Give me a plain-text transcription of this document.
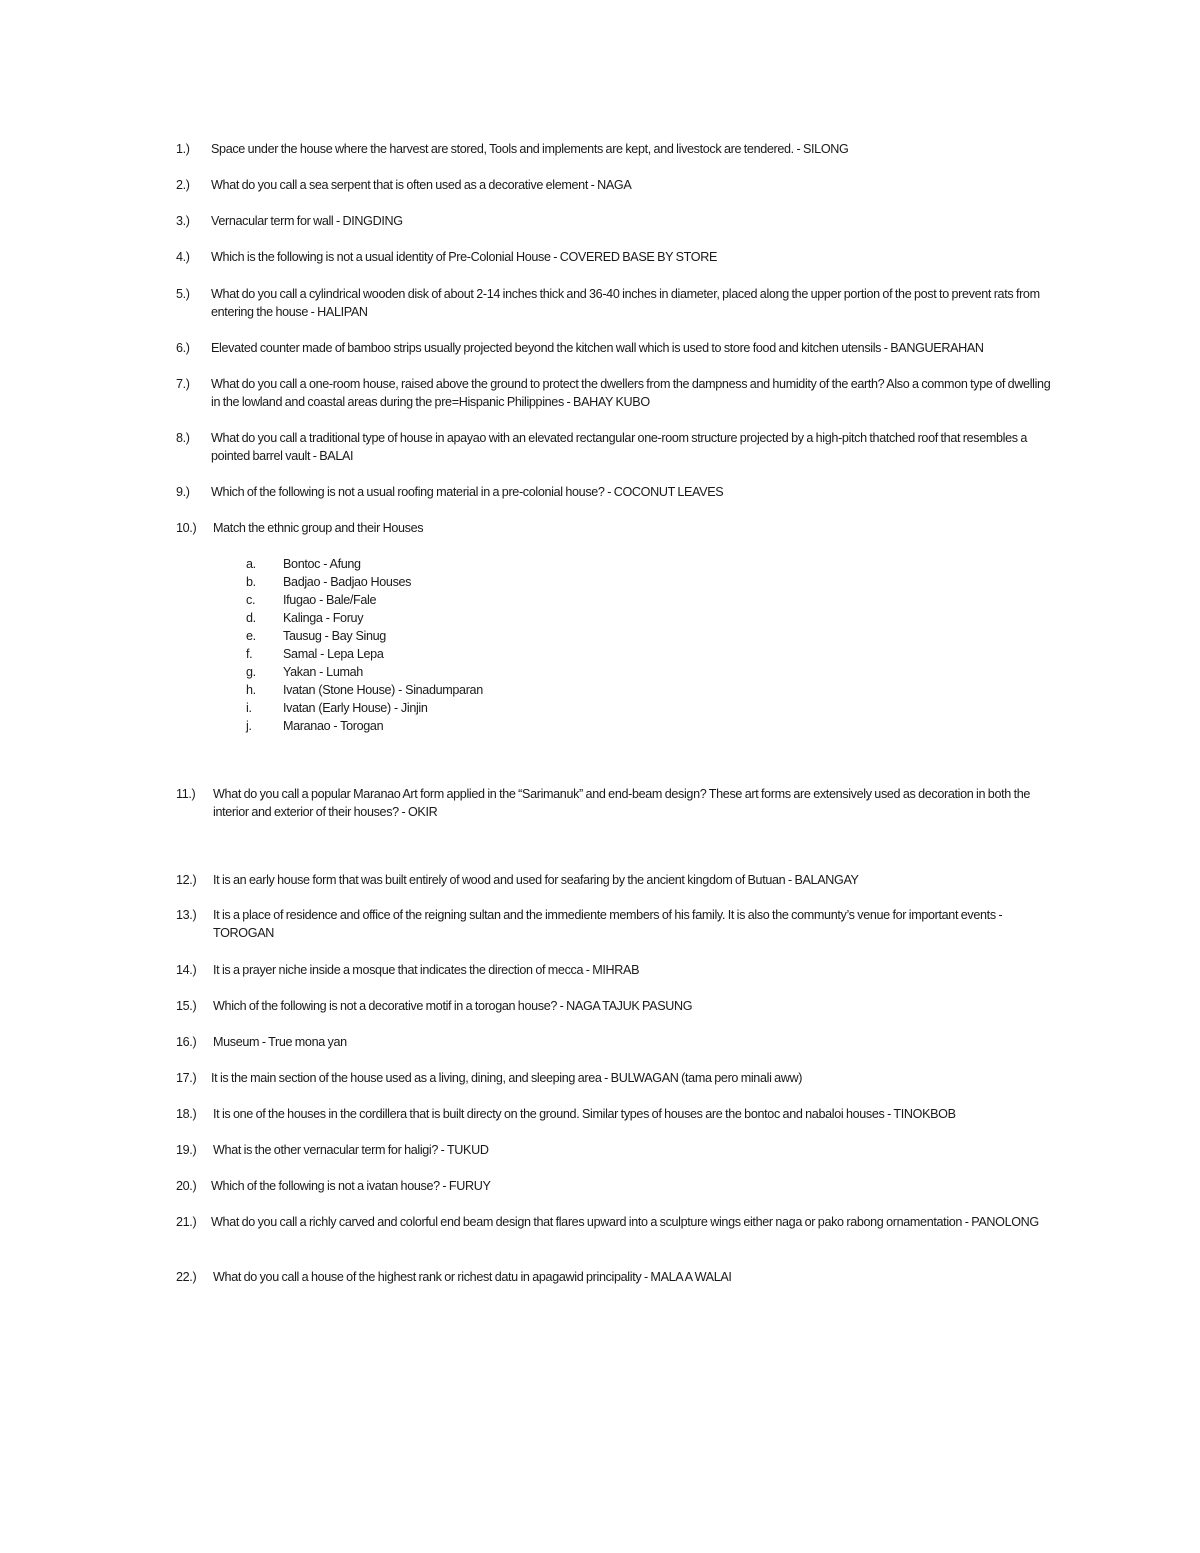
1.) Space under the house where the harvest are stored, Tools and implements are kept, and livestock are tendered. - SILONG
2.) What do you call a sea serpent that is often used as a decorative element - NAGA
3.) Vernacular term for wall - DINGDING
4.) Which is the following is not a usual identity of Pre-Colonial House - COVERED BASE BY STORE
5.) What do you call a cylindrical wooden disk of about 2-14 inches thick and 36-40 inches in diameter, placed along the upper portion of the post to prevent rats from entering the house - HALIPAN
6.) Elevated counter made of bamboo strips usually projected beyond the kitchen wall which is used to store food and kitchen utensils - BANGUERAHAN
7.) What do you call a one-room house, raised above the ground to protect the dwellers from the dampness and humidity of the earth? Also a common type of dwelling in the lowland and coastal areas during the pre=Hispanic Philippines - BAHAY KUBO
8.) What do you call a traditional type of house in apayao with an elevated rectangular one-room structure projected by a high-pitch thatched roof that resembles a pointed barrel vault - BALAI
9.) Which of the following is not a usual roofing material in a pre-colonial house? - COCONUT LEAVES
10.) Match the ethnic group and their Houses
a. Bontoc - Afung
b. Badjao - Badjao Houses
c. Ifugao - Bale/Fale
d. Kalinga - Foruy
e. Tausug - Bay Sinug
f. Samal - Lepa Lepa
g. Yakan - Lumah
h. Ivatan (Stone House) - Sinadumparan
i. Ivatan (Early House) - Jinjin
j. Maranao - Torogan
11.) What do you call a popular Maranao Art form applied in the “Sarimanuk” and end-beam design? These art forms are extensively used as decoration in both the interior and exterior of their houses? - OKIR
12.) It is an early house form that was built entirely of wood and used for seafaring by the ancient kingdom of Butuan - BALANGAY
13.) It is a place of residence and office of the reigning sultan and the immediente members of his family. It is also the communty’s venue for important events - TOROGAN
14.) It is a prayer niche inside a mosque that indicates the direction of mecca - MIHRAB
15.) Which of the following is not a decorative motif in a torogan house? - NAGA TAJUK PASUNG
16.) Museum - True mona yan
17.) It is the main section of the house used as a living, dining, and sleeping area - BULWAGAN (tama pero minali aww)
18.) It is one of the houses in the cordillera that is built directy on the ground. Similar types of houses are the bontoc and nabaloi houses - TINOKBOB
19.) What is the other vernacular term for haligi? - TUKUD
20.) Which of the following is not a ivatan house? - FURUY
21.) What do you call a richly carved and colorful end beam design that flares upward into a sculpture wings either naga or pako rabong ornamentation - PANOLONG
22.) What do you call a house of the highest rank or richest datu in apagawid principality - MALA A WALAI
